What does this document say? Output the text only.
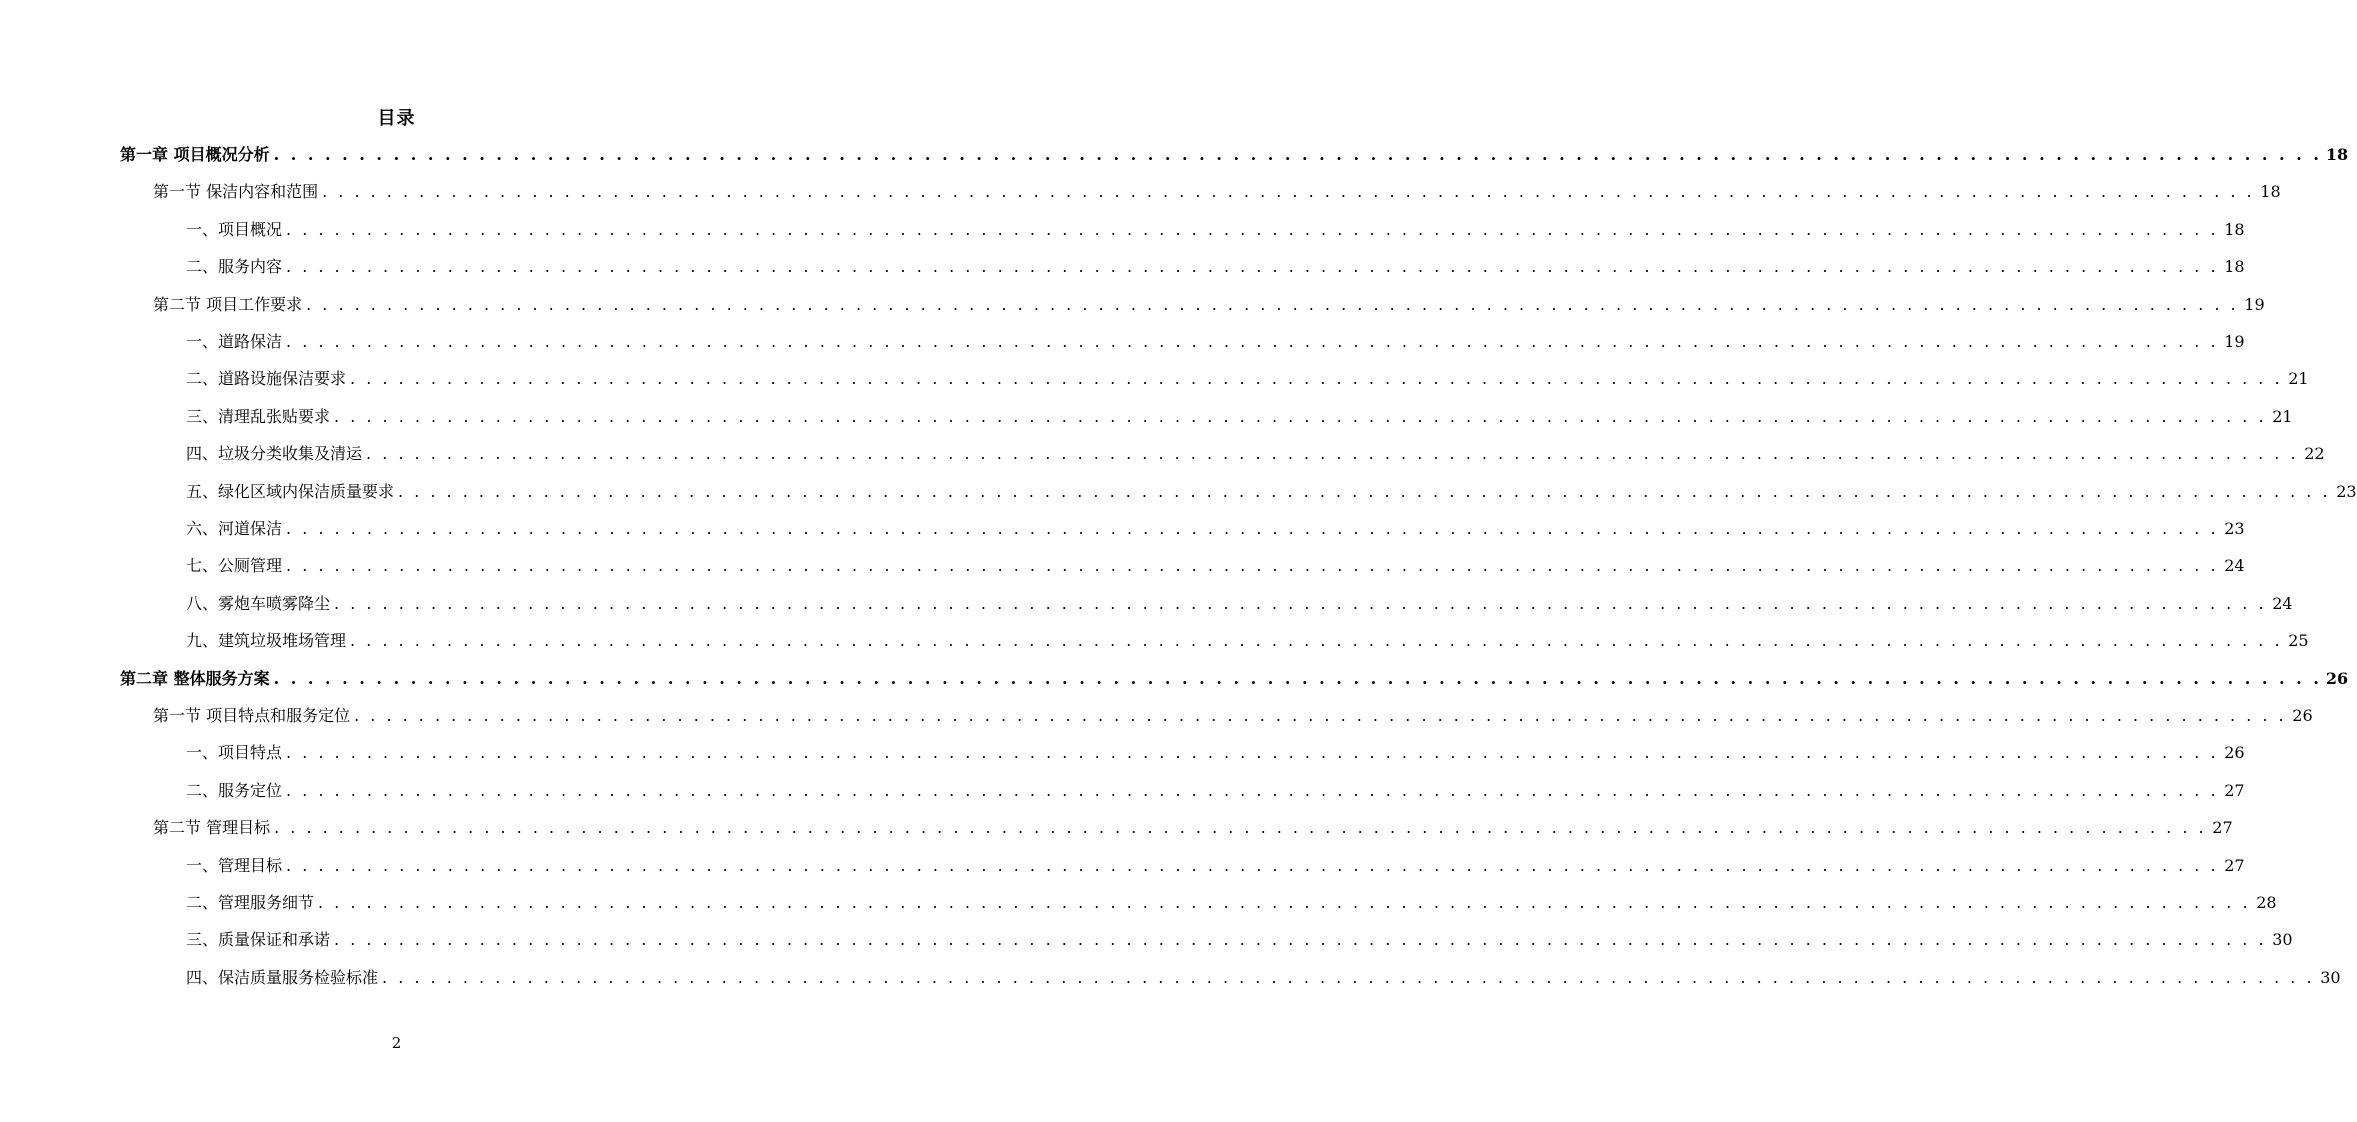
目录
第一章 项目概况分析 . . . . . . . . . . . . . . . . . . . . . . . . . . . . . . . . . . . . . . . . . . . . . . . . . . . . . . . . . . . . . . . . . . . . . . . . . . . . . . . . . . . . . . . . . . . . . . . . . . . . . . . . . . . . . . . . . . . . . . . . 18
第一节 保洁内容和范围 . . . . . . . . . . . . . . . . . . . . . . . . . . . . . . . . . . . . . . . . . . . . . . . . . . . . . . . . . . . . . . . . . . . . . . . . . . . . . . . . . . . . . . . . . . . . . . . . . . . . . . . . . . . . . . . . . . . . . . . . 18
一、项目概况 . . . . . . . . . . . . . . . . . . . . . . . . . . . . . . . . . . . . . . . . . . . . . . . . . . . . . . . . . . . . . . . . . . . . . . . . . . . . . . . . . . . . . . . . . . . . . . . . . . . . . . . . . . . . . . . . . . . . . . . . 18
二、服务内容 . . . . . . . . . . . . . . . . . . . . . . . . . . . . . . . . . . . . . . . . . . . . . . . . . . . . . . . . . . . . . . . . . . . . . . . . . . . . . . . . . . . . . . . . . . . . . . . . . . . . . . . . . . . . . . . . . . . . . . . . 18
第二节 项目工作要求 . . . . . . . . . . . . . . . . . . . . . . . . . . . . . . . . . . . . . . . . . . . . . . . . . . . . . . . . . . . . . . . . . . . . . . . . . . . . . . . . . . . . . . . . . . . . . . . . . . . . . . . . . . . . . . . . . . . . . . . . 19
一、道路保洁 . . . . . . . . . . . . . . . . . . . . . . . . . . . . . . . . . . . . . . . . . . . . . . . . . . . . . . . . . . . . . . . . . . . . . . . . . . . . . . . . . . . . . . . . . . . . . . . . . . . . . . . . . . . . . . . . . . . . . . . . 19
二、道路设施保洁要求 . . . . . . . . . . . . . . . . . . . . . . . . . . . . . . . . . . . . . . . . . . . . . . . . . . . . . . . . . . . . . . . . . . . . . . . . . . . . . . . . . . . . . . . . . . . . . . . . . . . . . . . . . . . . . . . . . . . . . . . . 21
三、清理乱张贴要求 . . . . . . . . . . . . . . . . . . . . . . . . . . . . . . . . . . . . . . . . . . . . . . . . . . . . . . . . . . . . . . . . . . . . . . . . . . . . . . . . . . . . . . . . . . . . . . . . . . . . . . . . . . . . . . . . . . . . . . . . 21
四、垃圾分类收集及清运 . . . . . . . . . . . . . . . . . . . . . . . . . . . . . . . . . . . . . . . . . . . . . . . . . . . . . . . . . . . . . . . . . . . . . . . . . . . . . . . . . . . . . . . . . . . . . . . . . . . . . . . . . . . . . . . . . . . . . . . . 22
五、绿化区域内保洁质量要求 . . . . . . . . . . . . . . . . . . . . . . . . . . . . . . . . . . . . . . . . . . . . . . . . . . . . . . . . . . . . . . . . . . . . . . . . . . . . . . . . . . . . . . . . . . . . . . . . . . . . . . . . . . . . . . . . . . . . . . . . 23
六、河道保洁 . . . . . . . . . . . . . . . . . . . . . . . . . . . . . . . . . . . . . . . . . . . . . . . . . . . . . . . . . . . . . . . . . . . . . . . . . . . . . . . . . . . . . . . . . . . . . . . . . . . . . . . . . . . . . . . . . . . . . . . . 23
七、公厕管理 . . . . . . . . . . . . . . . . . . . . . . . . . . . . . . . . . . . . . . . . . . . . . . . . . . . . . . . . . . . . . . . . . . . . . . . . . . . . . . . . . . . . . . . . . . . . . . . . . . . . . . . . . . . . . . . . . . . . . . . . 24
八、雾炮车喷雾降尘 . . . . . . . . . . . . . . . . . . . . . . . . . . . . . . . . . . . . . . . . . . . . . . . . . . . . . . . . . . . . . . . . . . . . . . . . . . . . . . . . . . . . . . . . . . . . . . . . . . . . . . . . . . . . . . . . . . . . . . . . 24
九、建筑垃圾堆场管理 . . . . . . . . . . . . . . . . . . . . . . . . . . . . . . . . . . . . . . . . . . . . . . . . . . . . . . . . . . . . . . . . . . . . . . . . . . . . . . . . . . . . . . . . . . . . . . . . . . . . . . . . . . . . . . . . . . . . . . . . 25
第二章 整体服务方案 . . . . . . . . . . . . . . . . . . . . . . . . . . . . . . . . . . . . . . . . . . . . . . . . . . . . . . . . . . . . . . . . . . . . . . . . . . . . . . . . . . . . . . . . . . . . . . . . . . . . . . . . . . . . . . . . . . . . . . . . 26
第一节 项目特点和服务定位 . . . . . . . . . . . . . . . . . . . . . . . . . . . . . . . . . . . . . . . . . . . . . . . . . . . . . . . . . . . . . . . . . . . . . . . . . . . . . . . . . . . . . . . . . . . . . . . . . . . . . . . . . . . . . . . . . . . . . . . . 26
一、项目特点 . . . . . . . . . . . . . . . . . . . . . . . . . . . . . . . . . . . . . . . . . . . . . . . . . . . . . . . . . . . . . . . . . . . . . . . . . . . . . . . . . . . . . . . . . . . . . . . . . . . . . . . . . . . . . . . . . . . . . . . . 26
二、服务定位 . . . . . . . . . . . . . . . . . . . . . . . . . . . . . . . . . . . . . . . . . . . . . . . . . . . . . . . . . . . . . . . . . . . . . . . . . . . . . . . . . . . . . . . . . . . . . . . . . . . . . . . . . . . . . . . . . . . . . . . . 27
第二节 管理目标 . . . . . . . . . . . . . . . . . . . . . . . . . . . . . . . . . . . . . . . . . . . . . . . . . . . . . . . . . . . . . . . . . . . . . . . . . . . . . . . . . . . . . . . . . . . . . . . . . . . . . . . . . . . . . . . . . . . . . . . . 27
一、管理目标 . . . . . . . . . . . . . . . . . . . . . . . . . . . . . . . . . . . . . . . . . . . . . . . . . . . . . . . . . . . . . . . . . . . . . . . . . . . . . . . . . . . . . . . . . . . . . . . . . . . . . . . . . . . . . . . . . . . . . . . . 27
二、管理服务细节 . . . . . . . . . . . . . . . . . . . . . . . . . . . . . . . . . . . . . . . . . . . . . . . . . . . . . . . . . . . . . . . . . . . . . . . . . . . . . . . . . . . . . . . . . . . . . . . . . . . . . . . . . . . . . . . . . . . . . . . . 28
三、质量保证和承诺 . . . . . . . . . . . . . . . . . . . . . . . . . . . . . . . . . . . . . . . . . . . . . . . . . . . . . . . . . . . . . . . . . . . . . . . . . . . . . . . . . . . . . . . . . . . . . . . . . . . . . . . . . . . . . . . . . . . . . . . . 30
四、保洁质量服务检验标准 . . . . . . . . . . . . . . . . . . . . . . . . . . . . . . . . . . . . . . . . . . . . . . . . . . . . . . . . . . . . . . . . . . . . . . . . . . . . . . . . . . . . . . . . . . . . . . . . . . . . . . . . . . . . . . . . . . . . . . . . 30
2
